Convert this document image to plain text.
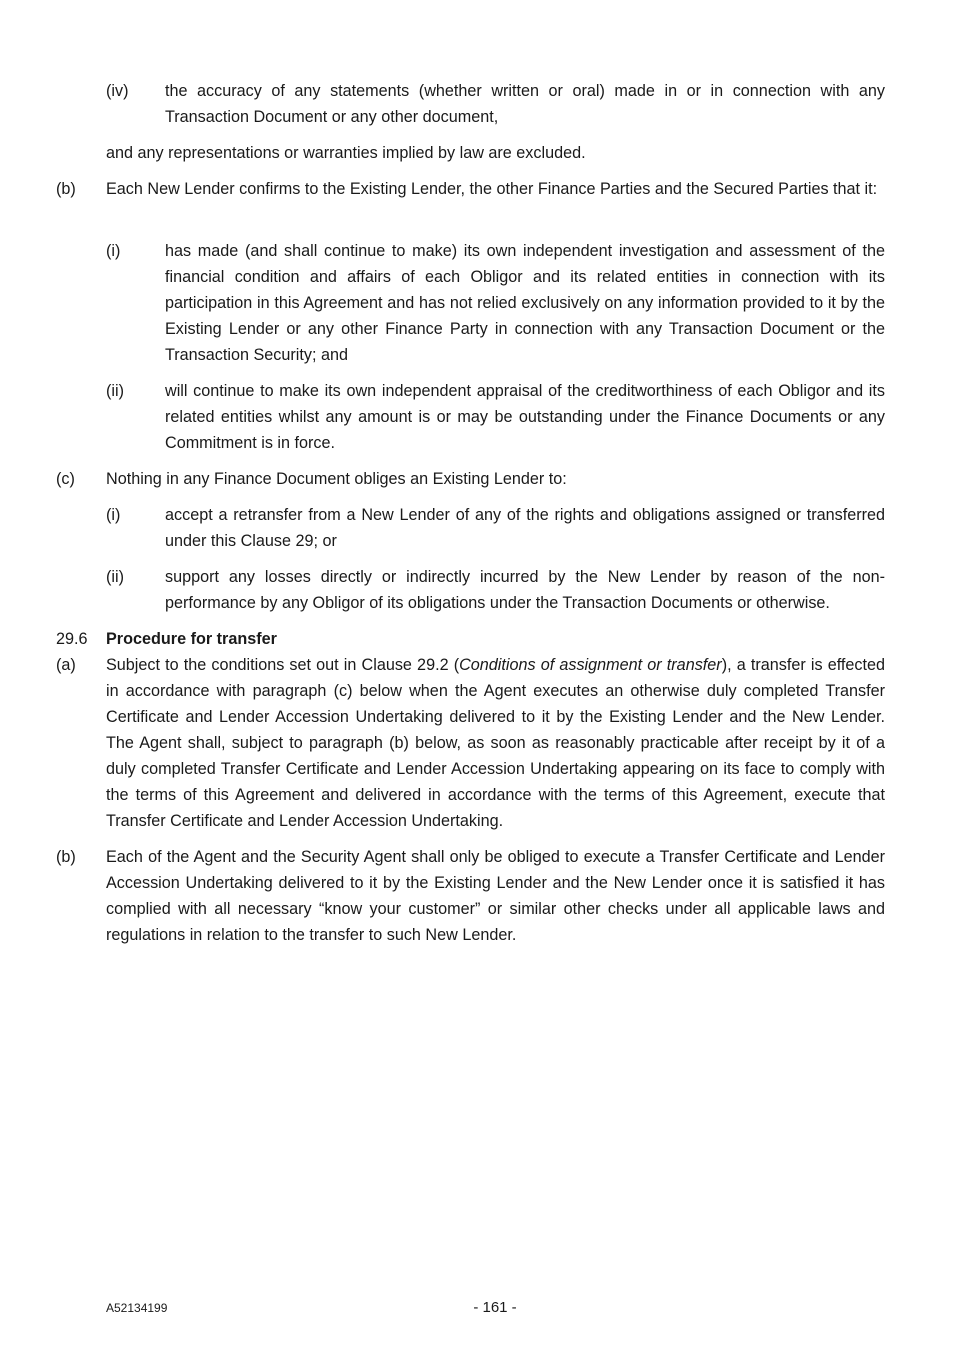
(iv) the accuracy of any statements (whether written or oral) made in or in connection with any Transaction Document or any other document,

and any representations or warranties implied by law are excluded.

(b) Each New Lender confirms to the Existing Lender, the other Finance Parties and the Secured Parties that it:

(i)	has made (and shall continue to make) its own independent investigation and assessment of the financial condition and affairs of each Obligor and its related entities in connection with its participation in this Agreement and has not relied exclusively on any information provided to it by the Existing Lender or any other Finance Party in connection with any Transaction Document or the Transaction Security; and

(ii)	will continue to make its own independent appraisal of the creditworthiness of each Obligor and its related entities whilst any amount is or may be outstanding under the Finance Documents or any Commitment is in force.

(c) Nothing in any Finance Document obliges an Existing Lender to:

(i)	accept a retransfer from a New Lender of any of the rights and obligations assigned or transferred under this Clause 29; or

(ii)	support any losses directly or indirectly incurred by the New Lender by reason of the non-performance by any Obligor of its obligations under the Transaction Documents or otherwise.

29.6 Procedure for transfer
(a) Subject to the conditions set out in Clause 29.2 (Conditions of assignment or transfer), a transfer is effected in accordance with paragraph (c) below when the Agent executes an otherwise duly completed Transfer Certificate and Lender Accession Undertaking delivered to it by the Existing Lender and the New Lender. The Agent shall, subject to paragraph (b) below, as soon as reasonably practicable after receipt by it of a duly completed Transfer Certificate and Lender Accession Undertaking appearing on its face to comply with the terms of this Agreement and delivered in accordance with the terms of this Agreement, execute that Transfer Certificate and Lender Accession Undertaking.

(b) Each of the Agent and the Security Agent shall only be obliged to execute a Transfer Certificate and Lender Accession Undertaking delivered to it by the Existing Lender and the New Lender once it is satisfied it has complied with all necessary “know your customer” or similar other checks under all applicable laws and regulations in relation to the transfer to such New Lender.

A52134199	- 161 -
